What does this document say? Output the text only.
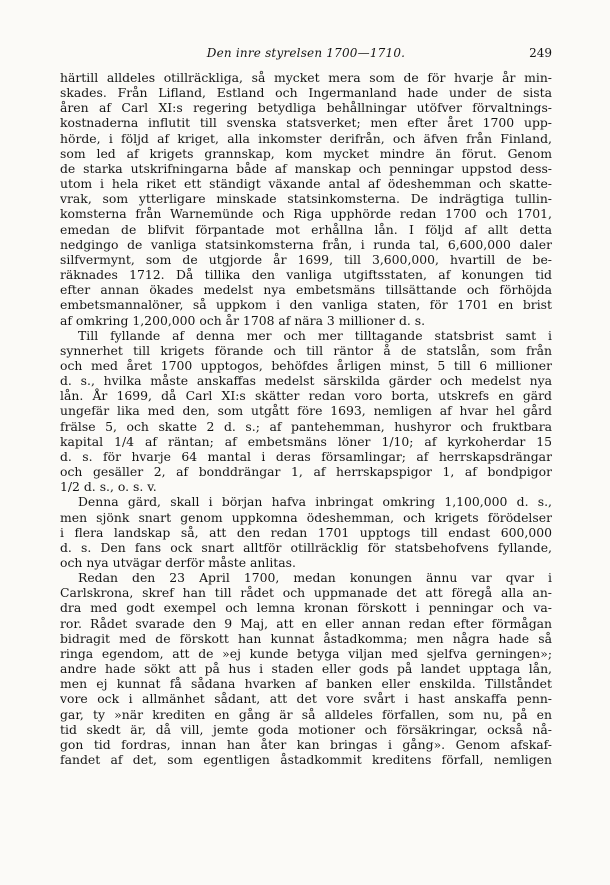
Den inre styrelsen 1700—1710.	249
härtill alldeles otillräckliga, så mycket mera som de för hvarje år min-
skades. Från Lifland, Estland och Ingermanland hade under de sista
åren af Carl XI:s regering betydliga behållningar utöfver förvaltnings-
kostnaderna influtit till svenska statsverket; men efter året 1700 upp-
hörde, i följd af kriget, alla inkomster derifrån, och äfven från Finland,
som led af krigets grannskap, kom mycket mindre än förut. Genom
de starka utskrifningarna både af manskap och penningar uppstod dess-
utom i hela riket ett ständigt växande antal af ödeshemman och skatte-
vrak, som ytterligare minskade statsinkomsterna. De indrägtiga tullin-
komsterna från Warnemünde och Riga upphörde redan 1700 och 1701,
emedan de blifvit förpantade mot erhållna lån. I följd af allt detta
nedgingo de vanliga statsinkomsterna från, i runda tal, 6,600,000 daler
silfvermynt, som de utgjorde år 1699, till 3,600,000, hvartill de be-
räknades 1712. Då tillika den vanliga utgiftsstaten, af konungen tid
efter annan ökades medelst nya embetsmäns tillsättande och förhöjda
embetsmannalöner, så uppkom i den vanliga staten, för 1701 en brist
af omkring 1,200,000 och år 1708 af nära 3 millioner d. s.
Till fyllande af denna mer och mer tilltagande statsbrist samt i
synnerhet till krigets förande och till räntor å de statslån, som från
och med året 1700 upptogos, behöfdes årligen minst, 5 till 6 millioner
d. s., hvilka måste anskaffas medelst särskilda gärder och medelst nya
lån. År 1699, då Carl XI:s skätter redan voro borta, utskrefs en gärd
ungefär lika med den, som utgått före 1693, nemligen af hvar hel gård
frälse 5, och skatte 2 d. s.; af pantehemman, hushyror och fruktbara
kapital 1/4 af räntan; af embetsmäns löner 1/10; af kyrkoherdar 15
d. s. för hvarje 64 mantal i deras församlingar; af herrskapsdrängar
och gesäller 2, af bonddrängar 1, af herrskapspigor 1, af bondpigor
1/2 d. s., o. s. v.
Denna gärd, skall i början hafva inbringat omkring 1,100,000 d. s.,
men sjönk snart genom uppkomna ödeshemman, och krigets förödelser
i flera landskap så, att den redan 1701 upptogs till endast 600,000
d. s. Den fans ock snart alltför otillräcklig för statsbehofvens fyllande,
och nya utvägar derför måste anlitas.
Redan den 23 April 1700, medan konungen ännu var qvar i
Carlskrona, skref han till rådet och uppmanade det att föregå alla an-
dra med godt exempel och lemna kronan förskott i penningar och va-
ror. Rådet svarade den 9 Maj, att en eller annan redan efter förmågan
bidragit med de förskott han kunnat åstadkomma; men några hade så
ringa egendom, att de »ej kunde betyga viljan med sjelfva gerningen»;
andre hade sökt att på hus i staden eller gods på landet upptaga lån,
men ej kunnat få sådana hvarken af banken eller enskilda. Tillståndet
vore ock i allmänhet sådant, att det vore svårt i hast anskaffa penn-
gar, ty »när krediten en gång är så alldeles förfallen, som nu, på en
tid skedt är, då vill, jemte goda motioner och försäkringar, också nå-
gon tid fordras, innan han åter kan bringas i gång». Genom afskaf-
fandet af det, som egentligen åstadkommit kreditens förfall, nemligen
